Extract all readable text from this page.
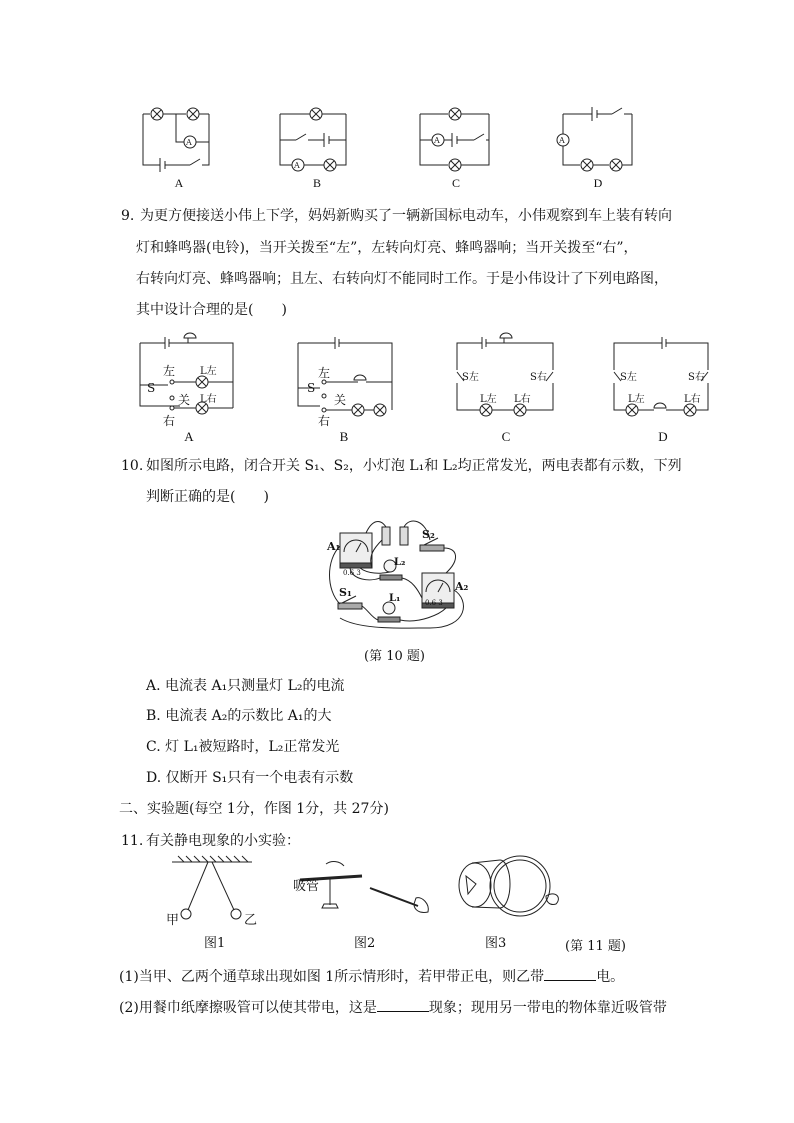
A
A
A
B
A
C
A
D
9. 为更方便接送小伟上下学，妈妈新购买了一辆新国标电动车，小伟观察到车上装有转向
灯和蜂鸣器(电铃)，当开关拨至“左”，左转向灯亮、蜂鸣器响；当开关拨至“右”，
右转向灯亮、蜂鸣器响；且左、右转向灯不能同时工作。于是小伟设计了下列电路图，
其中设计合理的是(　　)
左
S
关
右
L左
L右
A
左
S
关
右
B
S左	S右
L左 L右
C
S左	S右
L左	L右
D
10. 如图所示电路，闭合开关 S₁、S₂，小灯泡 L₁和 L₂均正常发光，两电表都有示数，下列
判断正确的是(　　)
A₁
A₂
S₁
S₂
L₁
L₂
0.6 3
0.6 3
(第 10 题)
A. 电流表 A₁只测量灯 L₂的电流
B. 电流表 A₂的示数比 A₁的大
C. 灯 L₁被短路时，L₂正常发光
D. 仅断开 S₁只有一个电表有示数
二、实验题(每空 1分，作图 1分，共 27分)
11. 有关静电现象的小实验：
甲	乙
吸管
图1	图2	图3	(第 11 题)
(1)当甲、乙两个通草球出现如图 1所示情形时，若甲带正电，则乙带	电。
(2)用餐巾纸摩擦吸管可以使其带电，这是	现象；现用另一带电的物体靠近吸管带
